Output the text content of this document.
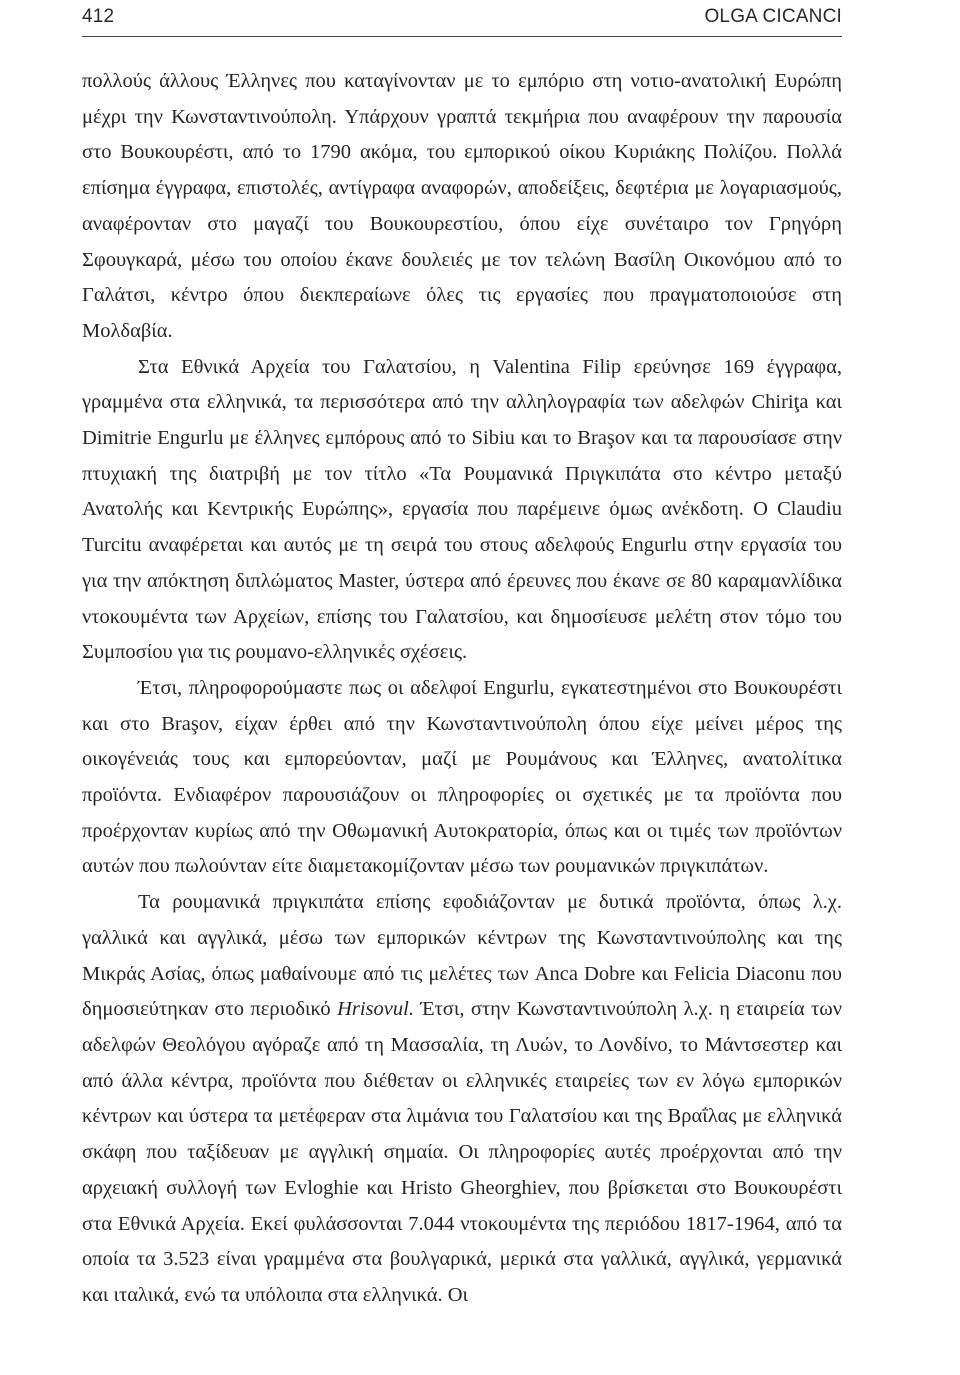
412	OLGA CICANCI

πολλούς άλλους Έλληνες που καταγίνονταν με το εμπόριο στη νοτιο-ανατολική Ευρώπη μέχρι την Κωνσταντινούπολη. Υπάρχουν γραπτά τεκμήρια που αναφέρουν την παρουσία στο Βουκουρέστι, από το 1790 ακόμα, του εμπορικού οίκου Κυριάκης Πολίζου. Πολλά επίσημα έγγραφα, επιστολές, αντίγραφα αναφορών, αποδείξεις, δεφτέρια με λογαριασμούς, αναφέρονταν στο μαγαζί του Βουκουρεστίου, όπου είχε συνέταιρο τον Γρηγόρη Σφουγκαρά, μέσω του οποίου έκανε δουλειές με τον τελώνη Βασίλη Οικονόμου από το Γαλάτσι, κέντρο όπου διεκπεραίωνε όλες τις εργασίες που πραγματοποιούσε στη Μολδαβία.

Στα Εθνικά Αρχεία του Γαλατσίου, η Valentina Filip ερεύνησε 169 έγγραφα, γραμμένα στα ελληνικά, τα περισσότερα από την αλληλογραφία των αδελφών Chiriţa και Dimitrie Engurlu με έλληνες εμπόρους από το Sibiu και το Braşov και τα παρουσίασε στην πτυχιακή της διατριβή με τον τίτλο «Τα Ρουμανικά Πριγκιπάτα στο κέντρο μεταξύ Ανατολής και Κεντρικής Ευρώπης», εργασία που παρέμεινε όμως ανέκδοτη. Ο Claudiu Turcitu αναφέρεται και αυτός με τη σειρά του στους αδελφούς Engurlu στην εργασία του για την απόκτηση διπλώματος Master, ύστερα από έρευνες που έκανε σε 80 καραμανλίδικα ντοκουμέντα των Αρχείων, επίσης του Γαλατσίου, και δημοσίευσε μελέτη στον τόμο του Συμποσίου για τις ρουμανο-ελληνικές σχέσεις.

Έτσι, πληροφορούμαστε πως οι αδελφοί Engurlu, εγκατεστημένοι στο Βουκουρέστι και στο Braşov, είχαν έρθει από την Κωνσταντινούπολη όπου είχε μείνει μέρος της οικογένειάς τους και εμπορεύονταν, μαζί με Ρουμάνους και Έλληνες, ανατολίτικα προϊόντα. Ενδιαφέρον παρουσιάζουν οι πληροφορίες οι σχετικές με τα προϊόντα που προέρχονταν κυρίως από την Οθωμανική Αυτοκρατορία, όπως και οι τιμές των προϊόντων αυτών που πωλούνταν είτε διαμετακομίζονταν μέσω των ρουμανικών πριγκιπάτων.

Τα ρουμανικά πριγκιπάτα επίσης εφοδιάζονταν με δυτικά προϊόντα, όπως λ.χ. γαλλικά και αγγλικά, μέσω των εμπορικών κέντρων της Κωνσταντινούπολης και της Μικράς Ασίας, όπως μαθαίνουμε από τις μελέτες των Anca Dobre και Felicia Diaconu που δημοσιεύτηκαν στο περιοδικό Hrisovul. Έτσι, στην Κωνσταντινούπολη λ.χ. η εταιρεία των αδελφών Θεολόγου αγόραζε από τη Μασσαλία, τη Λυών, το Λονδίνο, το Μάντσεστερ και από άλλα κέντρα, προϊόντα που διέθεταν οι ελληνικές εταιρείες των εν λόγω εμπορικών κέντρων και ύστερα τα μετέφεραν στα λιμάνια του Γαλατσίου και της Βραΐλας με ελληνικά σκάφη που ταξίδευαν με αγγλική σημαία. Οι πληροφορίες αυτές προέρχονται από την αρχειακή συλλογή των Evloghie και Hristo Gheorghiev, που βρίσκεται στο Βουκουρέστι στα Εθνικά Αρχεία. Εκεί φυλάσσονται 7.044 ντοκουμέντα της περιόδου 1817-1964, από τα οποία τα 3.523 είναι γραμμένα στα βουλγαρικά, μερικά στα γαλλικά, αγγλικά, γερμανικά και ιταλικά, ενώ τα υπόλοιπα στα ελληνικά. Οι
